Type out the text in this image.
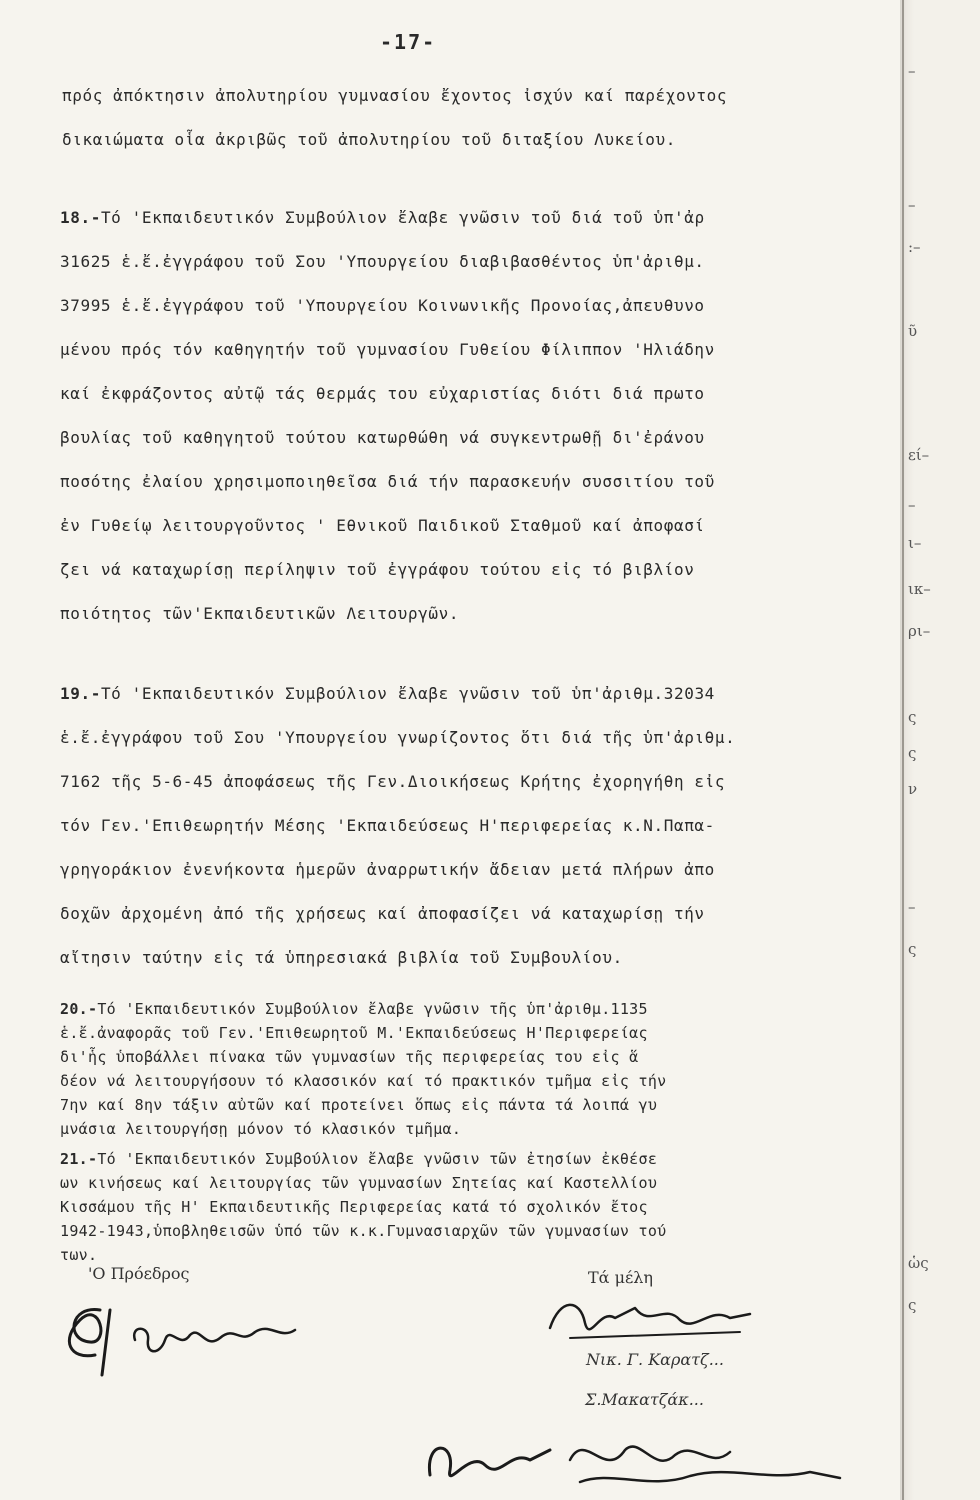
-17-
πρός ἀπόκτησιν ἀπολυτηρίου γυμνασίου ἔχοντος ἰσχύν καί παρέχοντος
δικαιώματα οἷα ἀκριβῶς τοῦ ἀπολυτηρίου τοῦ διταξίου Λυκείου.
18.-Τό 'Εκπαιδευτικόν Συμβούλιον ἔλαβε γνῶσιν τοῦ διά τοῦ ὑπ'ἀρ
31625 ἑ.ἔ.ἐγγράφου τοῦ Σου 'Υπουργείου διαβιβασθέντος ὑπ'ἀριθμ.
37995 ἑ.ἔ.ἐγγράφου τοῦ 'Υπουργείου Κοινωνικῆς Προνοίας,ἀπευθυνο
μένου πρός τόν καθηγητήν τοῦ γυμνασίου Γυθείου Φίλιππον 'Ηλιάδην
καί ἐκφράζοντος αὐτῷ τάς θερμάς του εὐχαριστίας διότι διά πρωτο
βουλίας τοῦ καθηγητοῦ τούτου κατωρθώθη νά συγκεντρωθῇ δι'ἐράνου
ποσότης ἐλαίου χρησιμοποιηθεῖσα διά τήν παρασκευήν συσσιτίου τοῦ
ἐν Γυθείῳ λειτουργοῦντος ' Εθνικοῦ Παιδικοῦ Σταθμοῦ καί ἀποφασί
ζει νά καταχωρίσῃ περίληψιν τοῦ ἐγγράφου τούτου εἰς τό βιβλίον
ποιότητος τῶν'Εκπαιδευτικῶν Λειτουργῶν.
19.-Τό 'Εκπαιδευτικόν Συμβούλιον ἔλαβε γνῶσιν τοῦ ὑπ'ἀριθμ.32034
ἑ.ἔ.ἐγγράφου τοῦ Σου 'Υπουργείου γνωρίζοντος ὅτι διά τῆς ὑπ'ἀριθμ.
7162 τῆς 5-6-45 ἀποφάσεως τῆς Γεν.Διοικήσεως Κρήτης ἐχορηγήθη εἰς
τόν Γεν.'Επιθεωρητήν Μέσης 'Εκπαιδεύσεως Η'περιφερείας κ.Ν.Παπα-
γρηγοράκιον ἐνενήκοντα ἡμερῶν ἀναρρωτικήν ἄδειαν μετά πλήρων ἀπο
δοχῶν ἀρχομένη ἀπό τῆς χρήσεως καί ἀποφασίζει νά καταχωρίσῃ τήν
αἴτησιν ταύτην εἰς τά ὑπηρεσιακά βιβλία τοῦ Συμβουλίου.
20.-Τό 'Εκπαιδευτικόν Συμβούλιον ἔλαβε γνῶσιν τῆς ὑπ'ἀριθμ.1135
ἑ.ἔ.ἀναφορᾶς τοῦ Γεν.'Επιθεωρητοῦ Μ.'Εκπαιδεύσεως Η'Περιφερείας
δι'ἧς ὑποβάλλει πίνακα τῶν γυμνασίων τῆς περιφερείας του εἰς ἅ
δέον νά λειτουργήσουν τό κλασσικόν καί τό πρακτικόν τμῆμα εἰς τήν
7ην καί 8ην τάξιν αὐτῶν καί προτείνει ὅπως εἰς πάντα τά λοιπά γυ
μνάσια λειτουργήσῃ μόνον τό κλασικόν τμῆμα.
21.-Τό 'Εκπαιδευτικόν Συμβούλιον ἔλαβε γνῶσιν τῶν ἐτησίων ἐκθέσε
ων κινήσεως καί λειτουργίας τῶν γυμνασίων Σητείας καί Καστελλίου
Κισσάμου τῆς Η' Εκπαιδευτικῆς Περιφερείας κατά τό σχολικόν ἔτος
1942-1943,ὑποβληθεισῶν ὑπό τῶν κ.κ.Γυμνασιαρχῶν τῶν γυμνασίων τού
των.
'Ο Πρόεδρος	Τά μέλη
Νικ. Γ. Καρατζ...
Σ.Μακατζάκ...
–
–
:–
ῦ
εί–
–
ι–
ικ–
ρι–
ς
ς
ν
–
ς
ὡς
ς
